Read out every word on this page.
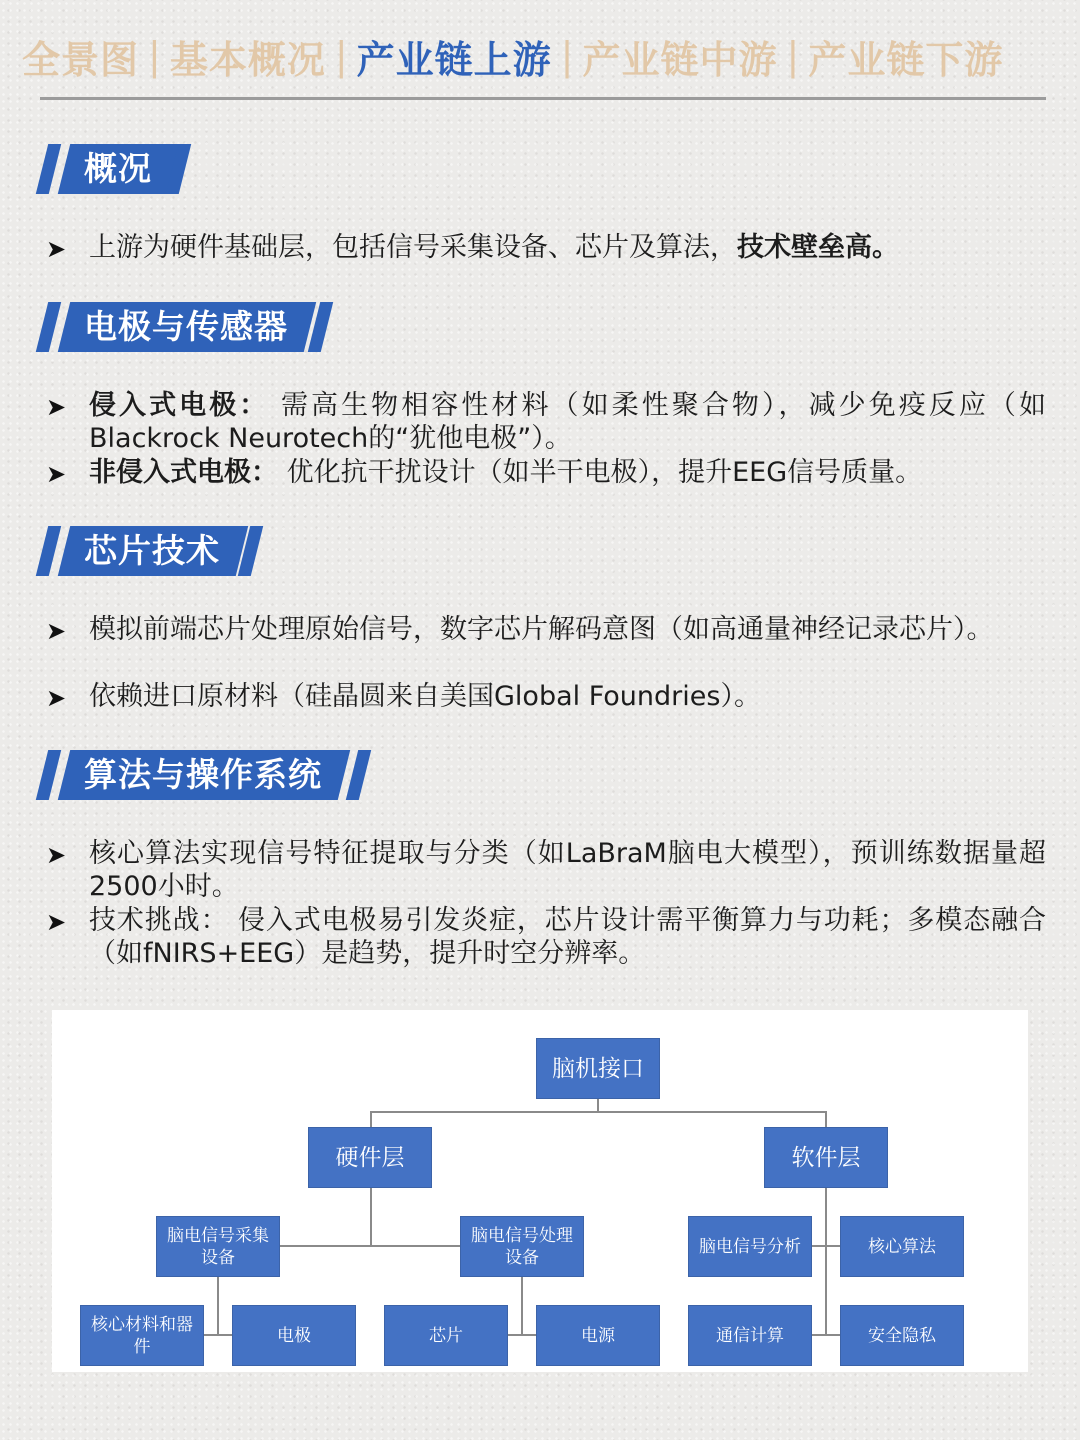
全景图 | 基本概况 | 产业链上游 | 产业链中游 | 产业链下游
概况
➤ 上游为硬件基础层，包括信号采集设备、芯片及算法，技术壁垒高。
电极与传感器
➤ 侵入式电极： 需高生物相容性材料（如柔性聚合物），减少免疫反应（如Blackrock Neurotech的“犹他电极”）。
➤ 非侵入式电极： 优化抗干扰设计（如半干电极），提升EEG信号质量。
芯片技术
➤ 模拟前端芯片处理原始信号，数字芯片解码意图（如高通量神经记录芯片）。
➤ 依赖进口原材料（硅晶圆来自美国Global Foundries）。
算法与操作系统
➤ 核心算法实现信号特征提取与分类（如LaBraM脑电大模型），预训练数据量超2500小时。
➤ 技术挑战： 侵入式电极易引发炎症，芯片设计需平衡算力与功耗；多模态融合（如fNIRS+EEG）是趋势，提升时空分辨率。
脑机接口
硬件层	软件层
脑电信号采集设备
脑电信号处理设备
脑电信号分析	核心算法
核心材料和器件
电极	芯片	电源	通信计算	安全隐私
